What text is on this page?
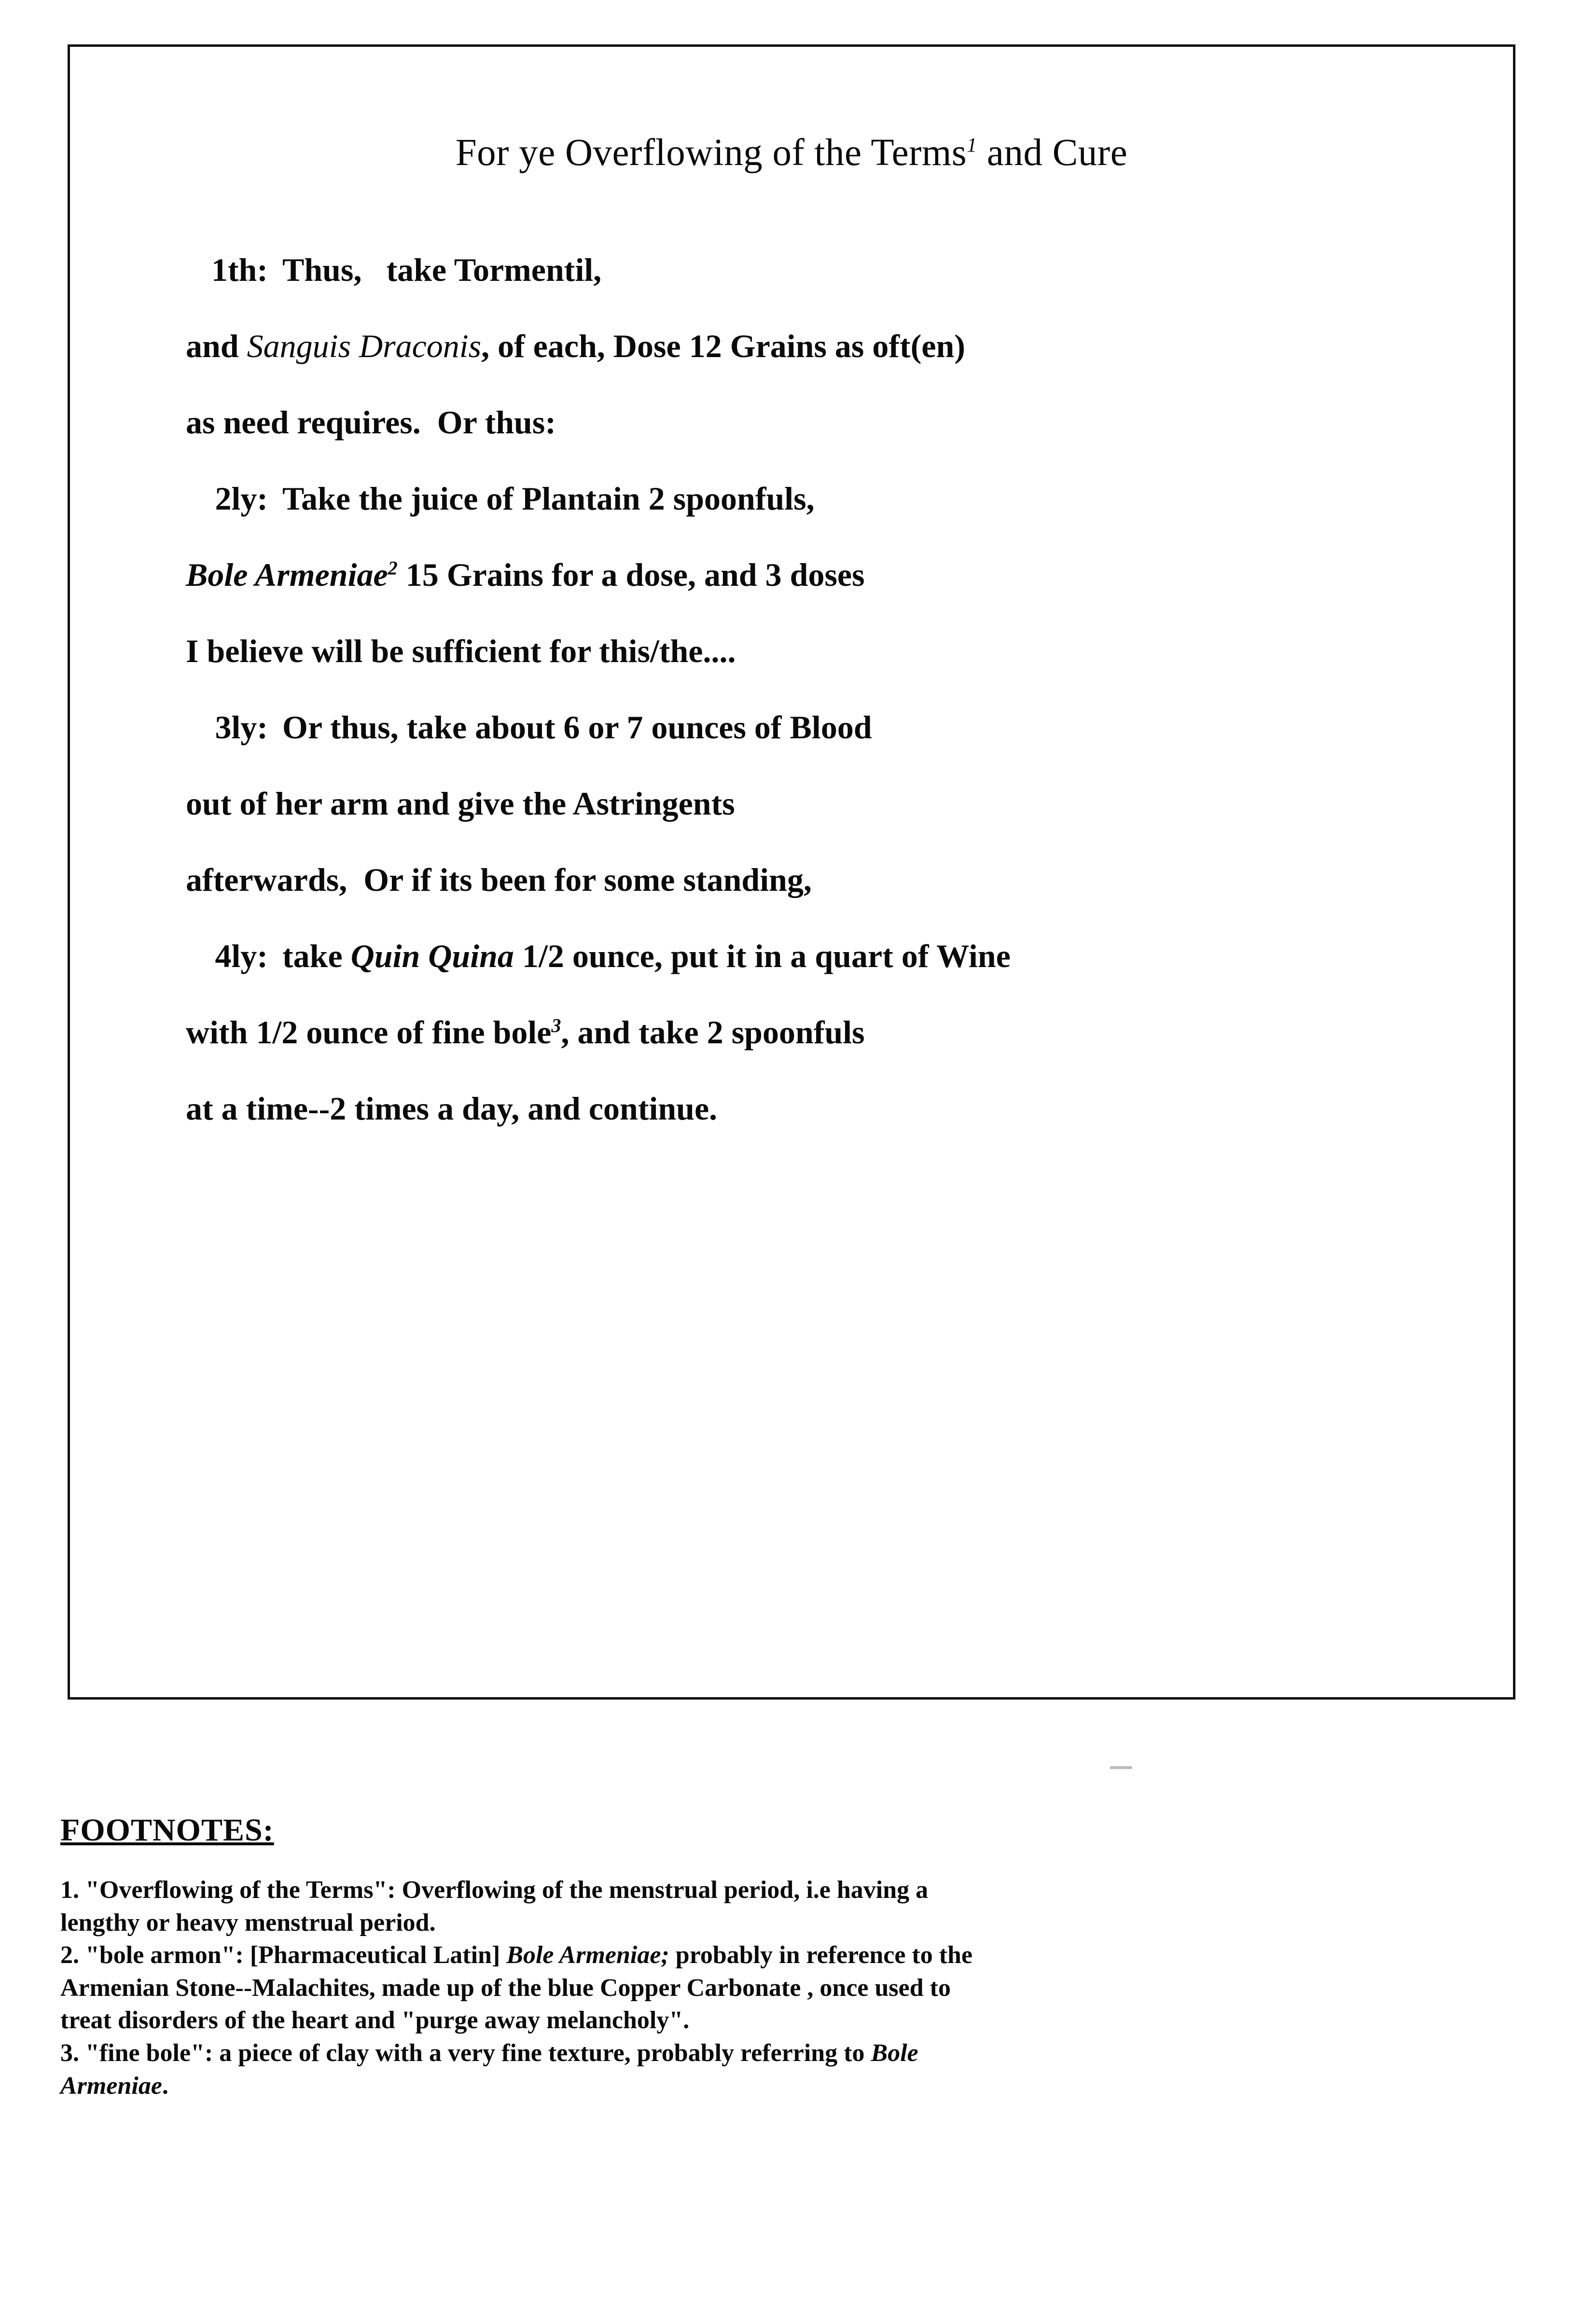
For ye Overflowing of the Terms$^1$ and Cure
1th: Thus,   take Tormentil,
and Sanguis Draconis, of each, Dose 12 Grains as oft(en)
as need requires.  Or thus:
2ly: Take the juice of Plantain 2 spoonfuls,
Bole Armeniae$^2$ 15 Grains for a dose, and 3 doses
I believe will be sufficient for this/the....
3ly: Or thus, take about 6 or 7 ounces of Blood
out of her arm and give the Astringents
afterwards,  Or if its been for some standing,
4ly: take Quin Quina 1/2 ounce, put it in a quart of Wine
with 1/2 ounce of fine bole$^3$, and take 2 spoonfuls
at a time--2 times a day, and continue.
FOOTNOTES:

1. "Overflowing of the Terms": Overflowing of the menstrual period, i.e having a
lengthy or heavy menstrual period.

2. "bole armon": [Pharmaceutical Latin] Bole Armeniae; probably in reference to the
Armenian Stone--Malachites, made up of the blue Copper Carbonate , once used to
treat disorders of the heart and "purge away melancholy".

3. "fine bole": a piece of clay with a very fine texture, probably referring to Bole
Armeniae.
